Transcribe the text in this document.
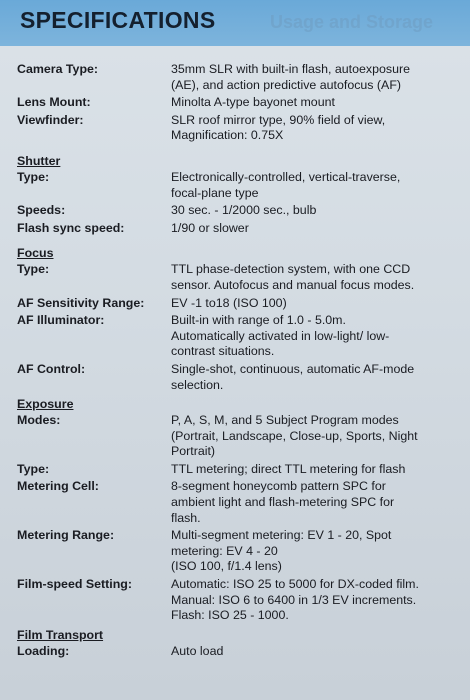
SPECIFICATIONS	Usage and Storage
Camera Type:	35mm SLR with built-in flash, autoexposure
(AE), and action predictive autofocus (AF)
Lens Mount:	Minolta A-type bayonet mount
Viewfinder:	SLR roof mirror type, 90% field of view,
Magnification: 0.75X
Shutter
Type:	Electronically-controlled, vertical-traverse,
focal-plane type
Speeds:	30 sec. - 1/2000 sec., bulb
Flash sync speed:	1/90 or slower
Focus
Type:	TTL phase-detection system, with one CCD
sensor. Autofocus and manual focus modes.
AF Sensitivity Range:	EV -1 to18 (ISO 100)
AF Illuminator:	Built-in with range of 1.0 - 5.0m.
Automatically activated in low-light/ low-
contrast situations.
AF Control:	Single-shot, continuous, automatic AF-mode
selection.
Exposure
Modes:	P, A, S, M, and 5 Subject Program modes
(Portrait, Landscape, Close-up, Sports, Night
Portrait)
Type:	TTL metering; direct TTL metering for flash
Metering Cell:	8-segment honeycomb pattern SPC for
ambient light and flash-metering SPC for
flash.
Metering Range:	Multi-segment metering: EV 1 - 20, Spot
metering: EV 4 - 20
(ISO 100, f/1.4 lens)
Film-speed Setting:	Automatic: ISO 25 to 5000 for DX-coded film.
Manual: ISO 6 to 6400 in 1/3 EV increments.
Flash: ISO 25 - 1000.
Film Transport
Loading:	Auto load
